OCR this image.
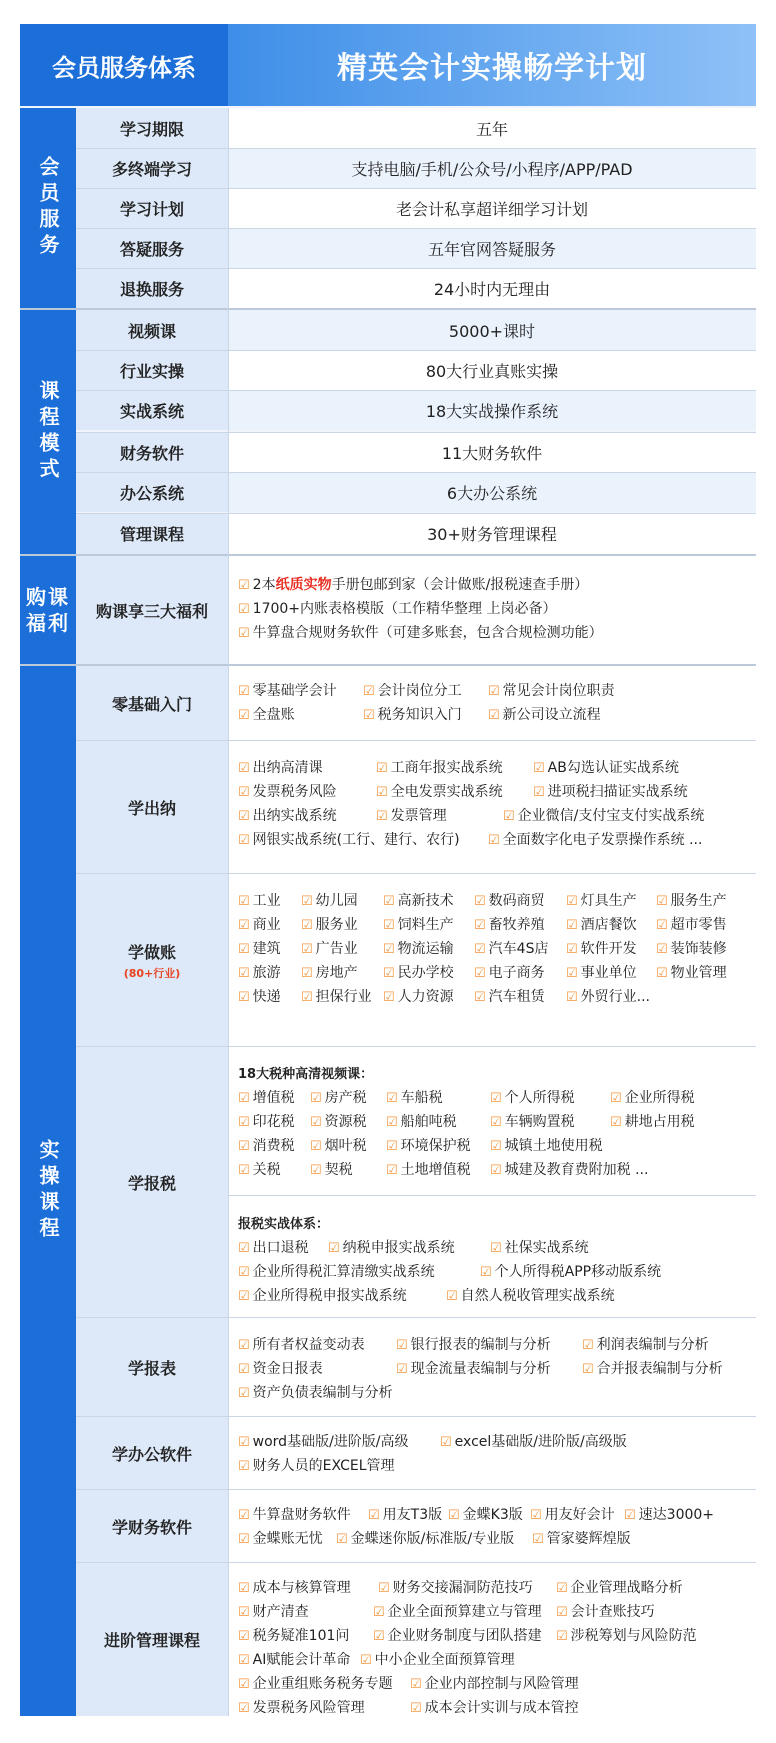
会员服务体系	精英会计实操畅学计划
会员服务
学习期限	五年
多终端学习	支持电脑/手机/公众号/小程序/APP/PAD
学习计划	老会计私享超详细学习计划
答疑服务	五年官网答疑服务
退换服务	24小时内无理由
课程模式
视频课	5000+课时
行业实操	80大行业真账实操
实战系统	18大实战操作系统
财务软件	11大财务软件
办公系统	6大办公系统
管理课程	30+财务管理课程
购课福利	购课享三大福利
☑ 2本纸质实物手册包邮到家（会计做账/报税速查手册）
☑ 1700+内账表格模版（工作精华整理 上岗必备）
☑ 牛算盘合规财务软件（可建多账套，包含合规检测功能）
实操课程
零基础入门
☑ 零基础学会计	☑ 会计岗位分工	☑ 常见会计岗位职责
☑ 全盘账	☑ 税务知识入门	☑ 新公司设立流程
学出纳
☑ 出纳高清课	☑ 工商年报实战系统	☑ AB勾选认证实战系统
☑ 发票税务风险	☑ 全电发票实战系统	☑ 进项税扫描证实战系统
☑ 出纳实战系统	☑ 发票管理	☑ 企业微信/支付宝支付实战系统
☑ 网银实战系统(工行、建行、农行)	☑ 全面数字化电子发票操作系统 ...
学做账
(80+行业)
☑ 工业	☑ 幼儿园	☑ 高新技术	☑ 数码商贸	☑ 灯具生产	☑ 服务生产
☑ 商业	☑ 服务业	☑ 饲料生产	☑ 畜牧养殖	☑ 酒店餐饮	☑ 超市零售
☑ 建筑	☑ 广告业	☑ 物流运输	☑ 汽车4S店	☑ 软件开发	☑ 装饰装修
☑ 旅游	☑ 房地产	☑ 民办学校	☑ 电子商务	☑ 事业单位	☑ 物业管理
☑ 快递	☑ 担保行业	☑ 人力资源	☑ 汽车租赁	☑ 外贸行业...
学报税
18大税种高清视频课：
☑ 增值税	☑ 房产税	☑ 车船税	☑ 个人所得税	☑ 企业所得税
☑ 印花税	☑ 资源税	☑ 船舶吨税	☑ 车辆购置税	☑ 耕地占用税
☑ 消费税	☑ 烟叶税	☑ 环境保护税	☑ 城镇土地使用税
☑ 关税	☑ 契税	☑ 土地增值税	☑ 城建及教育费附加税 ...
报税实战体系：
☑ 出口退税	☑ 纳税申报实战系统	☑ 社保实战系统
☑ 企业所得税汇算清缴实战系统	☑ 个人所得税APP移动版系统
☑ 企业所得税申报实战系统	☑ 自然人税收管理实战系统
学报表
☑ 所有者权益变动表	☑ 银行报表的编制与分析	☑ 利润表编制与分析
☑ 资金日报表	☑ 现金流量表编制与分析	☑ 合并报表编制与分析
☑ 资产负债表编制与分析
学办公软件
☑ word基础版/进阶版/高级	☑ excel基础版/进阶版/高级版
☑ 财务人员的EXCEL管理
学财务软件
☑ 牛算盘财务软件	☑ 用友T3版	☑ 金蝶K3版	☑ 用友好会计	☑ 速达3000+
☑ 金蝶账无忧	☑ 金蝶迷你版/标准版/专业版	☑ 管家婆辉煌版
进阶管理课程
☑ 成本与核算管理	☑ 财务交接漏洞防范技巧	☑ 企业管理战略分析
☑ 财产清查	☑ 企业全面预算建立与管理	☑ 会计查账技巧
☑ 税务疑准101问	☑ 企业财务制度与团队搭建	☑ 涉税筹划与风险防范
☑ AI赋能会计革命	☑ 中小企业全面预算管理
☑ 企业重组账务税务专题	☑ 企业内部控制与风险管理
☑ 发票税务风险管理	☑ 成本会计实训与成本管控
